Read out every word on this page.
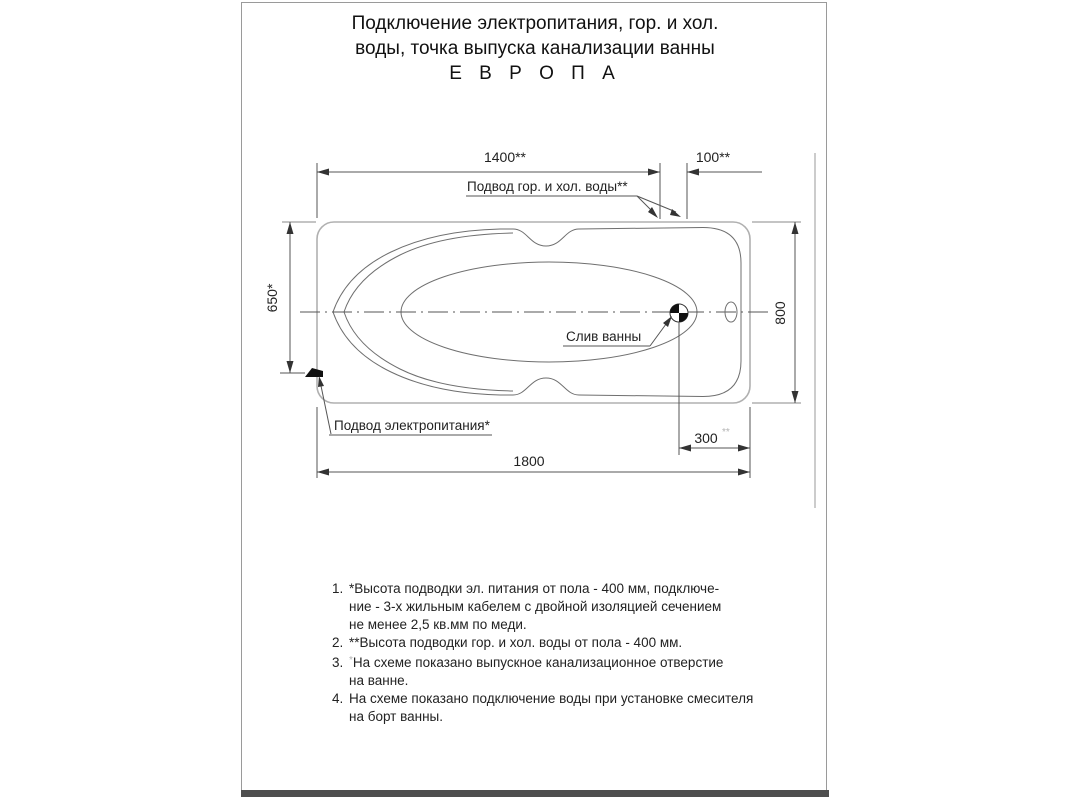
Подключение электропитания, гор. и хол.
воды, точка выпуска канализации ванны
Е В Р О П А
1400**	100**
Подвод гор. и хол. воды**
650*
800
Слив ванны
Подвод электропитания*
300 **
1800
1. *Высота подводки эл. питания от пола - 400 мм, подключе-
ние - 3-х жильным кабелем с двойной изоляцией сечением
не менее 2,5 кв.мм по меди.
2. **Высота подводки гор. и хол. воды от пола - 400 мм.
3. *На схеме показано выпускное канализационное отверстие
на ванне.
4. На схеме показано подключение воды при установке смесителя
на борт ванны.
